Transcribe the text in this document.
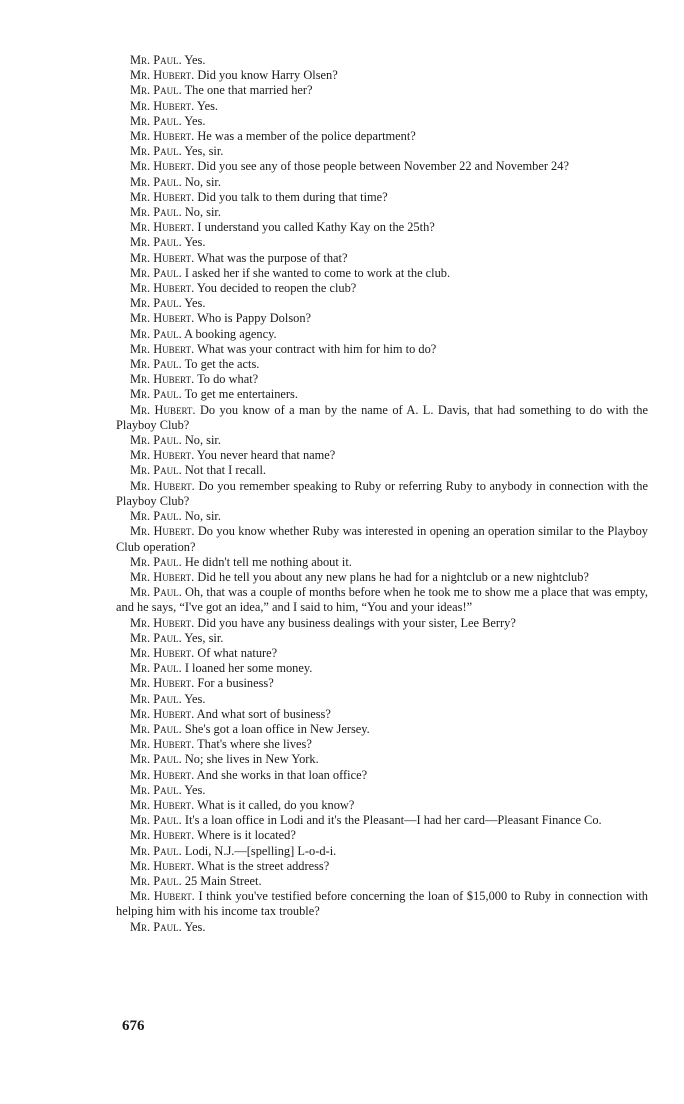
Mr. Paul. Yes.

Mr. Hubert. Did you know Harry Olsen?

Mr. Paul. The one that married her?

Mr. Hubert. Yes.

Mr. Paul. Yes.

Mr. Hubert. He was a member of the police department?

Mr. Paul. Yes, sir.

Mr. Hubert. Did you see any of those people between November 22 and November 24?

Mr. Paul. No, sir.

Mr. Hubert. Did you talk to them during that time?

Mr. Paul. No, sir.

Mr. Hubert. I understand you called Kathy Kay on the 25th?

Mr. Paul. Yes.

Mr. Hubert. What was the purpose of that?

Mr. Paul. I asked her if she wanted to come to work at the club.

Mr. Hubert. You decided to reopen the club?

Mr. Paul. Yes.

Mr. Hubert. Who is Pappy Dolson?

Mr. Paul. A booking agency.

Mr. Hubert. What was your contract with him for him to do?

Mr. Paul. To get the acts.

Mr. Hubert. To do what?

Mr. Paul. To get me entertainers.

Mr. Hubert. Do you know of a man by the name of A. L. Davis, that had something to do with the Playboy Club?

Mr. Paul. No, sir.

Mr. Hubert. You never heard that name?

Mr. Paul. Not that I recall.

Mr. Hubert. Do you remember speaking to Ruby or referring Ruby to anybody in connection with the Playboy Club?

Mr. Paul. No, sir.

Mr. Hubert. Do you know whether Ruby was interested in opening an operation similar to the Playboy Club operation?

Mr. Paul. He didn't tell me nothing about it.

Mr. Hubert. Did he tell you about any new plans he had for a nightclub or a new nightclub?

Mr. Paul. Oh, that was a couple of months before when he took me to show me a place that was empty, and he says, “I've got an idea,” and I said to him, “You and your ideas!”

Mr. Hubert. Did you have any business dealings with your sister, Lee Berry?

Mr. Paul. Yes, sir.

Mr. Hubert. Of what nature?

Mr. Paul. I loaned her some money.

Mr. Hubert. For a business?

Mr. Paul. Yes.

Mr. Hubert. And what sort of business?

Mr. Paul. She's got a loan office in New Jersey.

Mr. Hubert. That's where she lives?

Mr. Paul. No; she lives in New York.

Mr. Hubert. And she works in that loan office?

Mr. Paul. Yes.

Mr. Hubert. What is it called, do you know?

Mr. Paul. It's a loan office in Lodi and it's the Pleasant—I had her card—Pleasant Finance Co.

Mr. Hubert. Where is it located?

Mr. Paul. Lodi, N.J.—[spelling] L-o-d-i.

Mr. Hubert. What is the street address?

Mr. Paul. 25 Main Street.

Mr. Hubert. I think you've testified before concerning the loan of $15,000 to Ruby in connection with helping him with his income tax trouble?

Mr. Paul. Yes.

676
